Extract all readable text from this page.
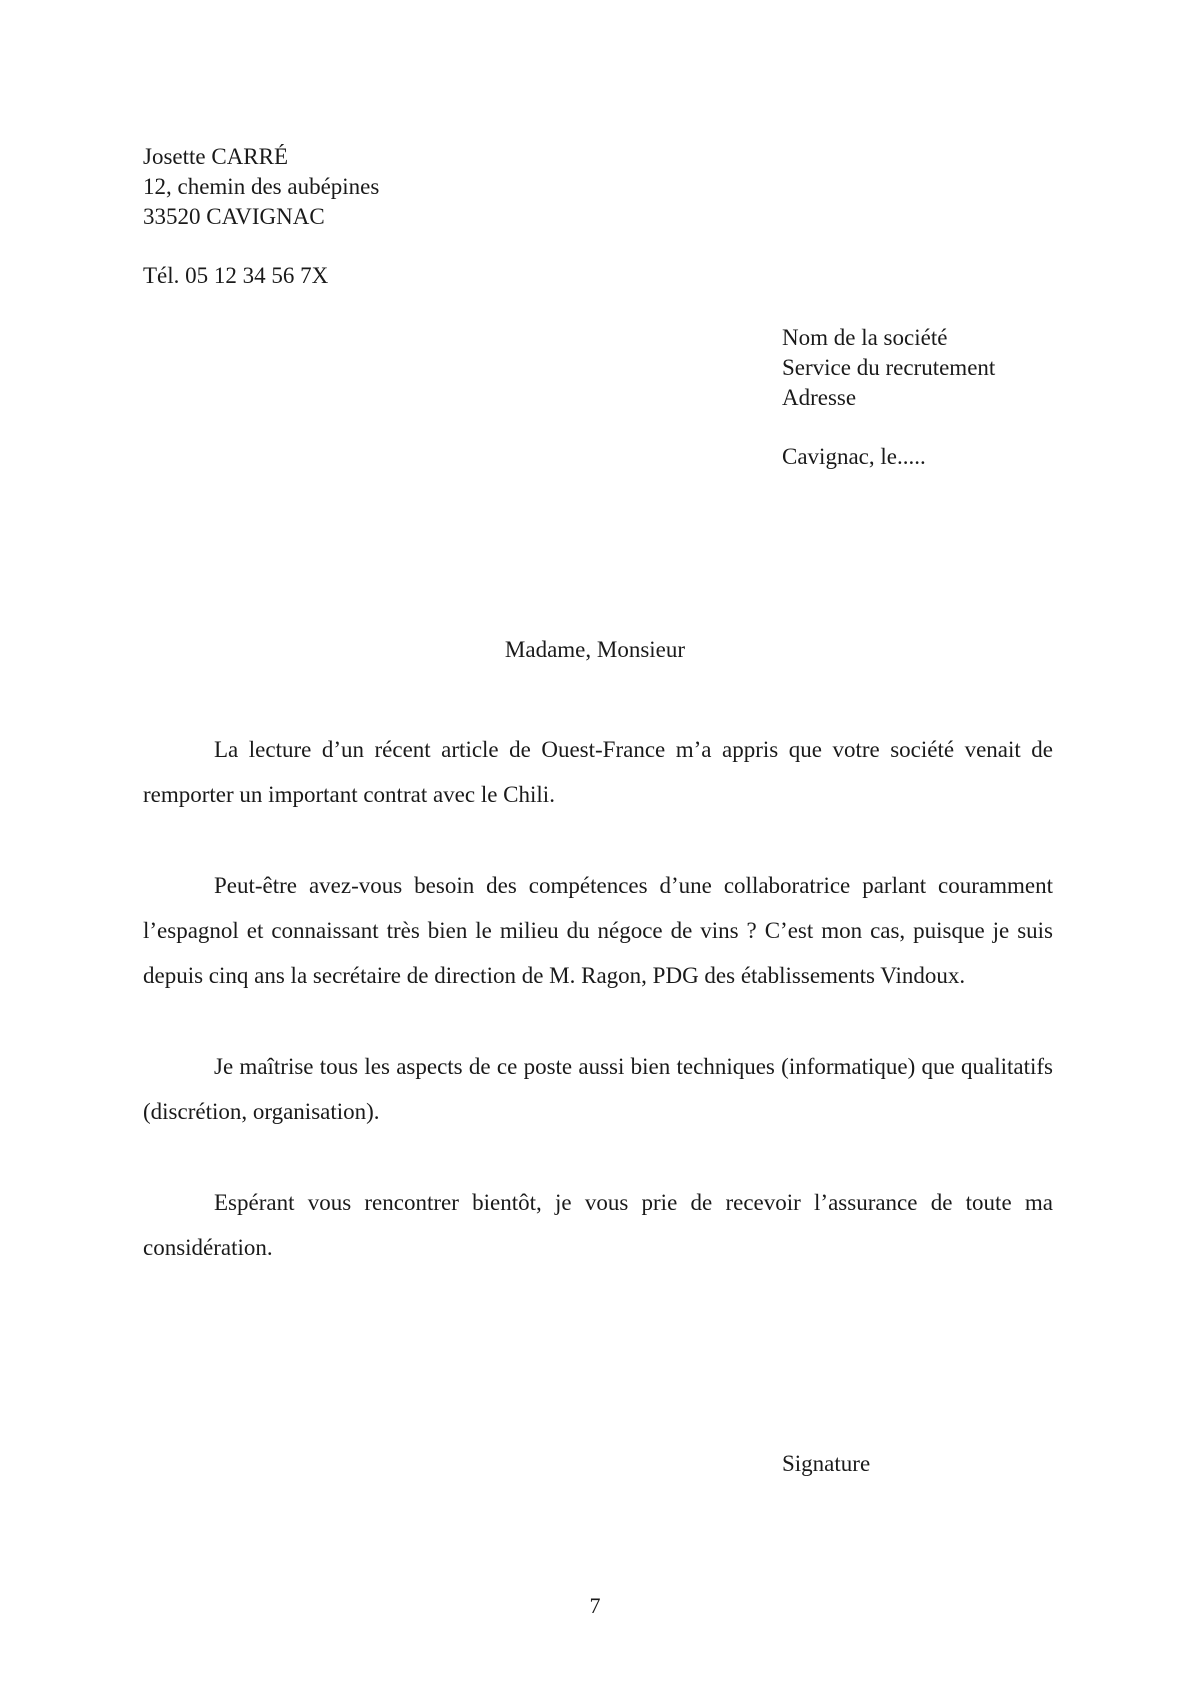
Josette CARRÉ
12, chemin des aubépines
33520 CAVIGNAC
Tél. 05 12 34 56 7X
Nom de la société
Service du recrutement
Adresse
Cavignac, le.....
Madame, Monsieur

La lecture d’un récent article de Ouest-France m’a appris que votre société venait de remporter un important contrat avec le Chili.

Peut-être avez-vous besoin des compétences d’une collaboratrice parlant couramment l’espagnol et connaissant très bien le milieu du négoce de vins ? C’est mon cas, puisque je suis depuis cinq ans la secrétaire de direction de M. Ragon, PDG des établissements Vindoux.

Je maîtrise tous les aspects de ce poste aussi bien techniques (informatique) que qualitatifs (discrétion, organisation).

Espérant vous rencontrer bientôt, je vous prie de recevoir l’assurance de toute ma considération.

Signature
7
